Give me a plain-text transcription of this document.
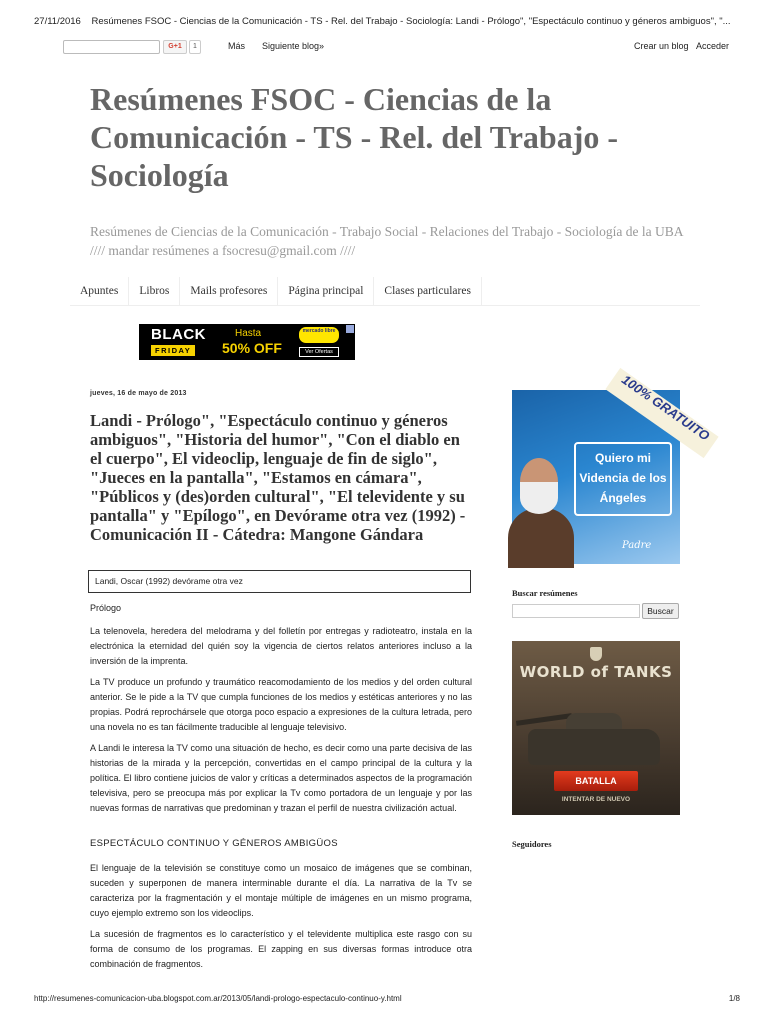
27/11/2016 Resúmenes FSOC - Ciencias de la Comunicación - TS - Rel. del Trabajo - Sociología: Landi - Prólogo", "Espectáculo continuo y géneros ambiguos", "...
G+1	1	Más Siguiente blog»	Crear un blog Acceder
Resúmenes FSOC - Ciencias de la Comunicación - TS - Rel. del Trabajo - Sociología
Resúmenes de Ciencias de la Comunicación - Trabajo Social - Relaciones del Trabajo - Sociología de la UBA //// mandar resúmenes a fsocresu@gmail.com ////
Apuntes	Libros	Mails profesores	Página principal	Clases particulares
BLACK
FRIDAY
Hasta
50% OFF
mercado libre
Ver Ofertas
jueves, 16 de mayo de 2013
Landi - Prólogo", "Espectáculo continuo y géneros ambiguos", "Historia del humor", "Con el diablo en el cuerpo", El videoclip, lenguaje de fin de siglo", "Jueces en la pantalla", "Estamos en cámara", "Públicos y (des)orden cultural", "El televidente y su pantalla" y "Epílogo", en Devórame otra vez (1992) - Comunicación II - Cátedra: Mangone Gándara
Landi, Oscar (1992) devórame otra vez

Prólogo

La telenovela, heredera del melodrama y del folletín por entregas y radioteatro, instala en la electrónica la eternidad del quién soy la vigencia de ciertos relatos anteriores incluso a la inversión de la imprenta.

La TV produce un profundo y traumático reacomodamiento de los medios y del orden cultural anterior. Se le pide a la TV que cumpla funciones de los medios y estéticas anteriores y no las propias. Podrá reprochársele que otorga poco espacio a expresiones de la cultura letrada, pero una novela no es tan fácilmente traducible al lenguaje televisivo.

A Landi le interesa la TV como una situación de hecho, es decir como una parte decisiva de las historias de la mirada y la percepción, convertidas en el campo principal de la cultura y la política. El libro contiene juicios de valor y críticas a determinados aspectos de la programación televisiva, pero se preocupa más por explicar la Tv como portadora de un lenguaje y por las nuevas formas de narrativas que predominan y trazan el perfil de nuestra civilización actual.

ESPECTÁCULO CONTINUO Y GÉNEROS AMBIGÜOS

El lenguaje de la televisión se constituye como un mosaico de imágenes que se combinan, suceden y superponen de manera interminable durante el día. La narrativa de la Tv se caracteriza por la fragmentación y el montaje múltiple de imágenes en un mismo programa, cuyo ejemplo extremo son los videoclips.

La sucesión de fragmentos es lo característico y el televidente multiplica este rasgo con su forma de consumo de los programas. El zapping en sus diversas formas introduce otra combinación de fragmentos.

100% GRATUITO
Quiero mi Videncia de los Ángeles
Padre
Buscar resúmenes
Buscar
WORLD of TANKS
BATALLA
INTENTAR DE NUEVO
Seguidores
http://resumenes-comunicacion-uba.blogspot.com.ar/2013/05/landi-prologo-espectaculo-continuo-y.html	1/8
